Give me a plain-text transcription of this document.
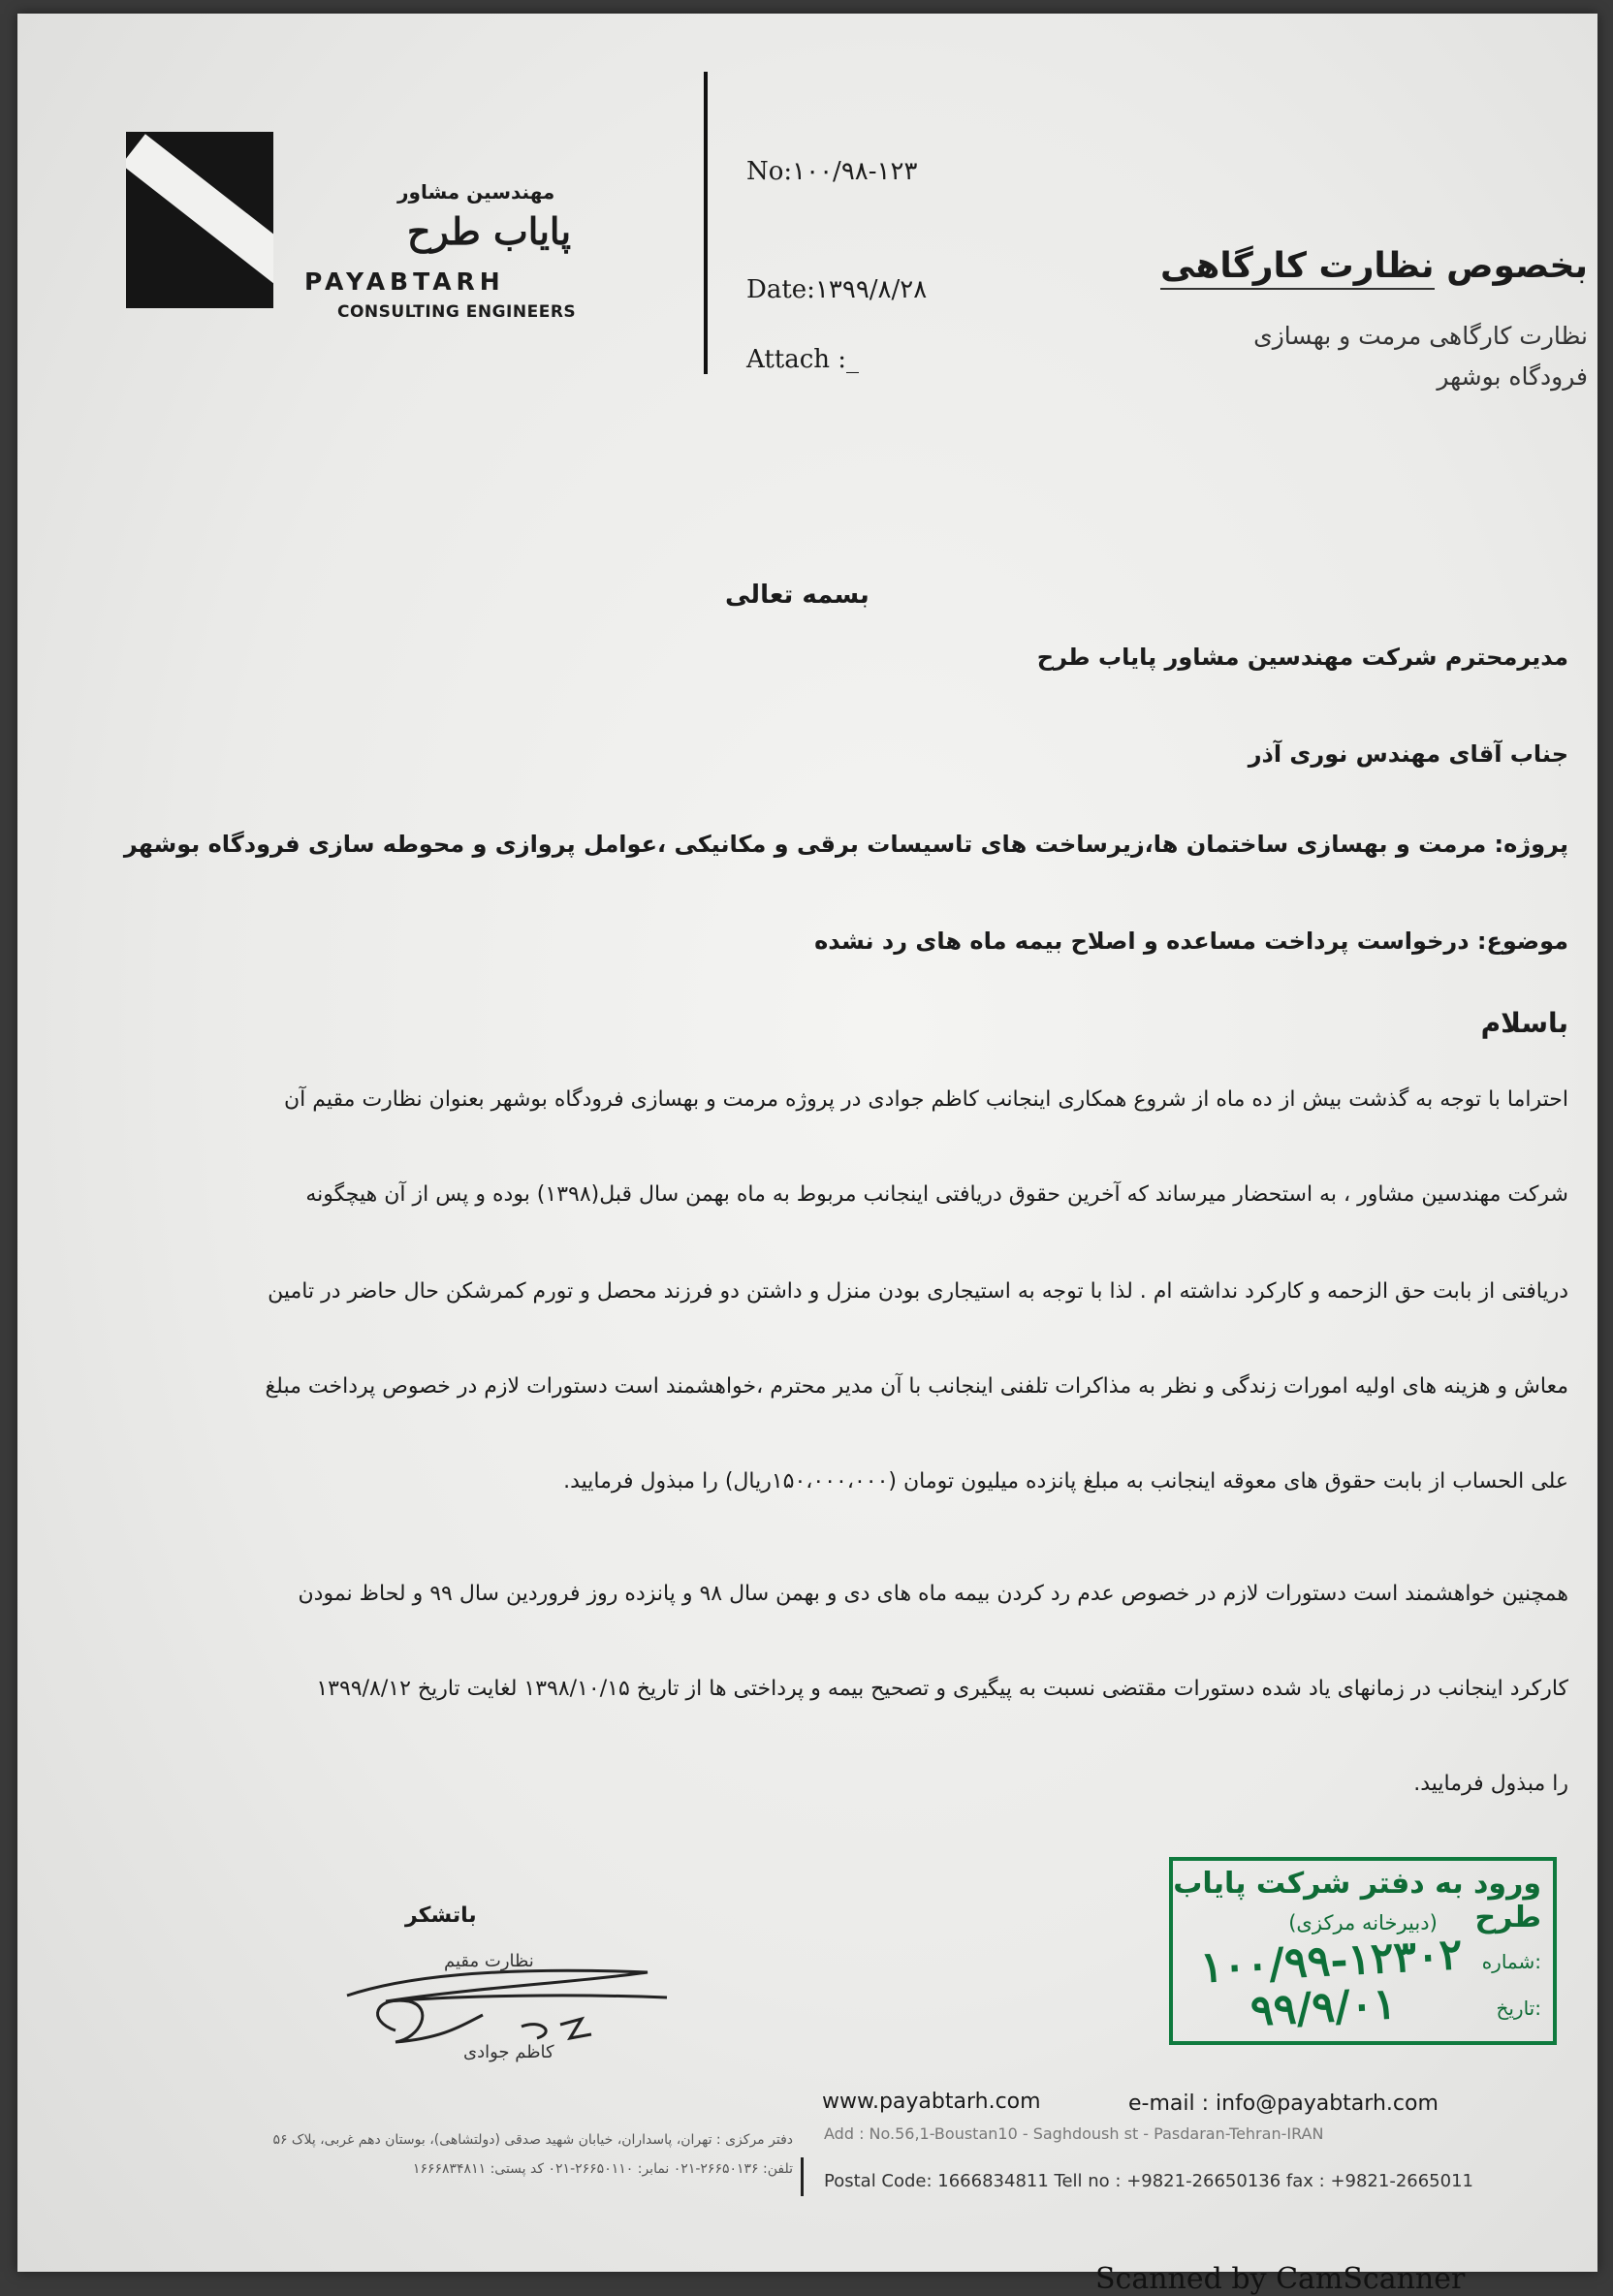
مهندسین مشاور
پایاب طرح
PAYABTARH
CONSULTING ENGINEERS
No:۱۰۰/۹۸-۱۲۳
Date:۱۳۹۹/۸/۲۸
Attach :_
بخصوص نظارت کارگاهی
نظارت کارگاهی مرمت و بهسازی
فرودگاه بوشهر
بسمه تعالی
مدیرمحترم شرکت مهندسین مشاور پایاب طرح
جناب آقای مهندس نوری آذر
پروژه: مرمت و بهسازی ساختمان ها،زیرساخت های تاسیسات برقی و مکانیکی ،عوامل پروازی و محوطه سازی فرودگاه بوشهر
موضوع: درخواست پرداخت مساعده و اصلاح بیمه ماه های رد نشده
باسلام
احتراما با توجه به گذشت بیش از ده ماه از شروع همکاری اینجانب کاظم جوادی در پروژه مرمت و بهسازی فرودگاه بوشهر بعنوان نظارت مقیم آن
شرکت مهندسین مشاور ، به استحضار میرساند که آخرین حقوق دریافتی اینجانب مربوط به ماه بهمن سال قبل(۱۳۹۸) بوده و پس از آن هیچگونه
دریافتی از بابت حق الزحمه و کارکرد نداشته ام . لذا با توجه به استیجاری بودن منزل و داشتن دو فرزند محصل و تورم کمرشکن حال حاضر در تامین
معاش و هزینه های اولیه امورات زندگی و نظر به مذاکرات تلفنی اینجانب با آن مدیر محترم ،خواهشمند است دستورات لازم در خصوص پرداخت مبلغ
علی الحساب از بابت حقوق های معوقه اینجانب به مبلغ پانزده میلیون تومان (۱۵۰،۰۰۰،۰۰۰ریال) را مبذول فرمایید.
همچنین خواهشمند است دستورات لازم در خصوص عدم رد کردن بیمه ماه های دی و بهمن سال ۹۸ و پانزده روز فروردین سال ۹۹ و لحاظ نمودن
کارکرد اینجانب در زمانهای یاد شده دستورات مقتضی نسبت به پیگیری و تصحیح بیمه و پرداختی ها از تاریخ ۱۳۹۸/۱۰/۱۵ لغایت تاریخ ۱۳۹۹/۸/۱۲
را مبذول فرمایید.
باتشکر
نظارت مقیم
کاظم جوادی
ورود به دفتر شرکت پایاب طرح
(دبیرخانه مرکزی)
۱۰۰/۹۹-۱۲۳۰۲
۹۹/۹/۰۱
شماره:
تاریخ:
www.payabtarh.com	e-mail : info@payabtarh.com
Add : No.56,1-Boustan10 - Saghdoush st - Pasdaran-Tehran-IRAN
Postal Code: 1666834811 Tell no : +9821-26650136 fax : +9821-2665011
دفتر مرکزی : تهران، پاسداران، خیابان شهید صدقی (دولتشاهی)، بوستان دهم غربی، پلاک ۵۶
تلفن: ۲۶۶۵۰۱۳۶-۰۲۱ نمابر: ۲۶۶۵۰۱۱۰-۰۲۱ کد پستی: ۱۶۶۶۸۳۴۸۱۱
Scanned by CamScanner
